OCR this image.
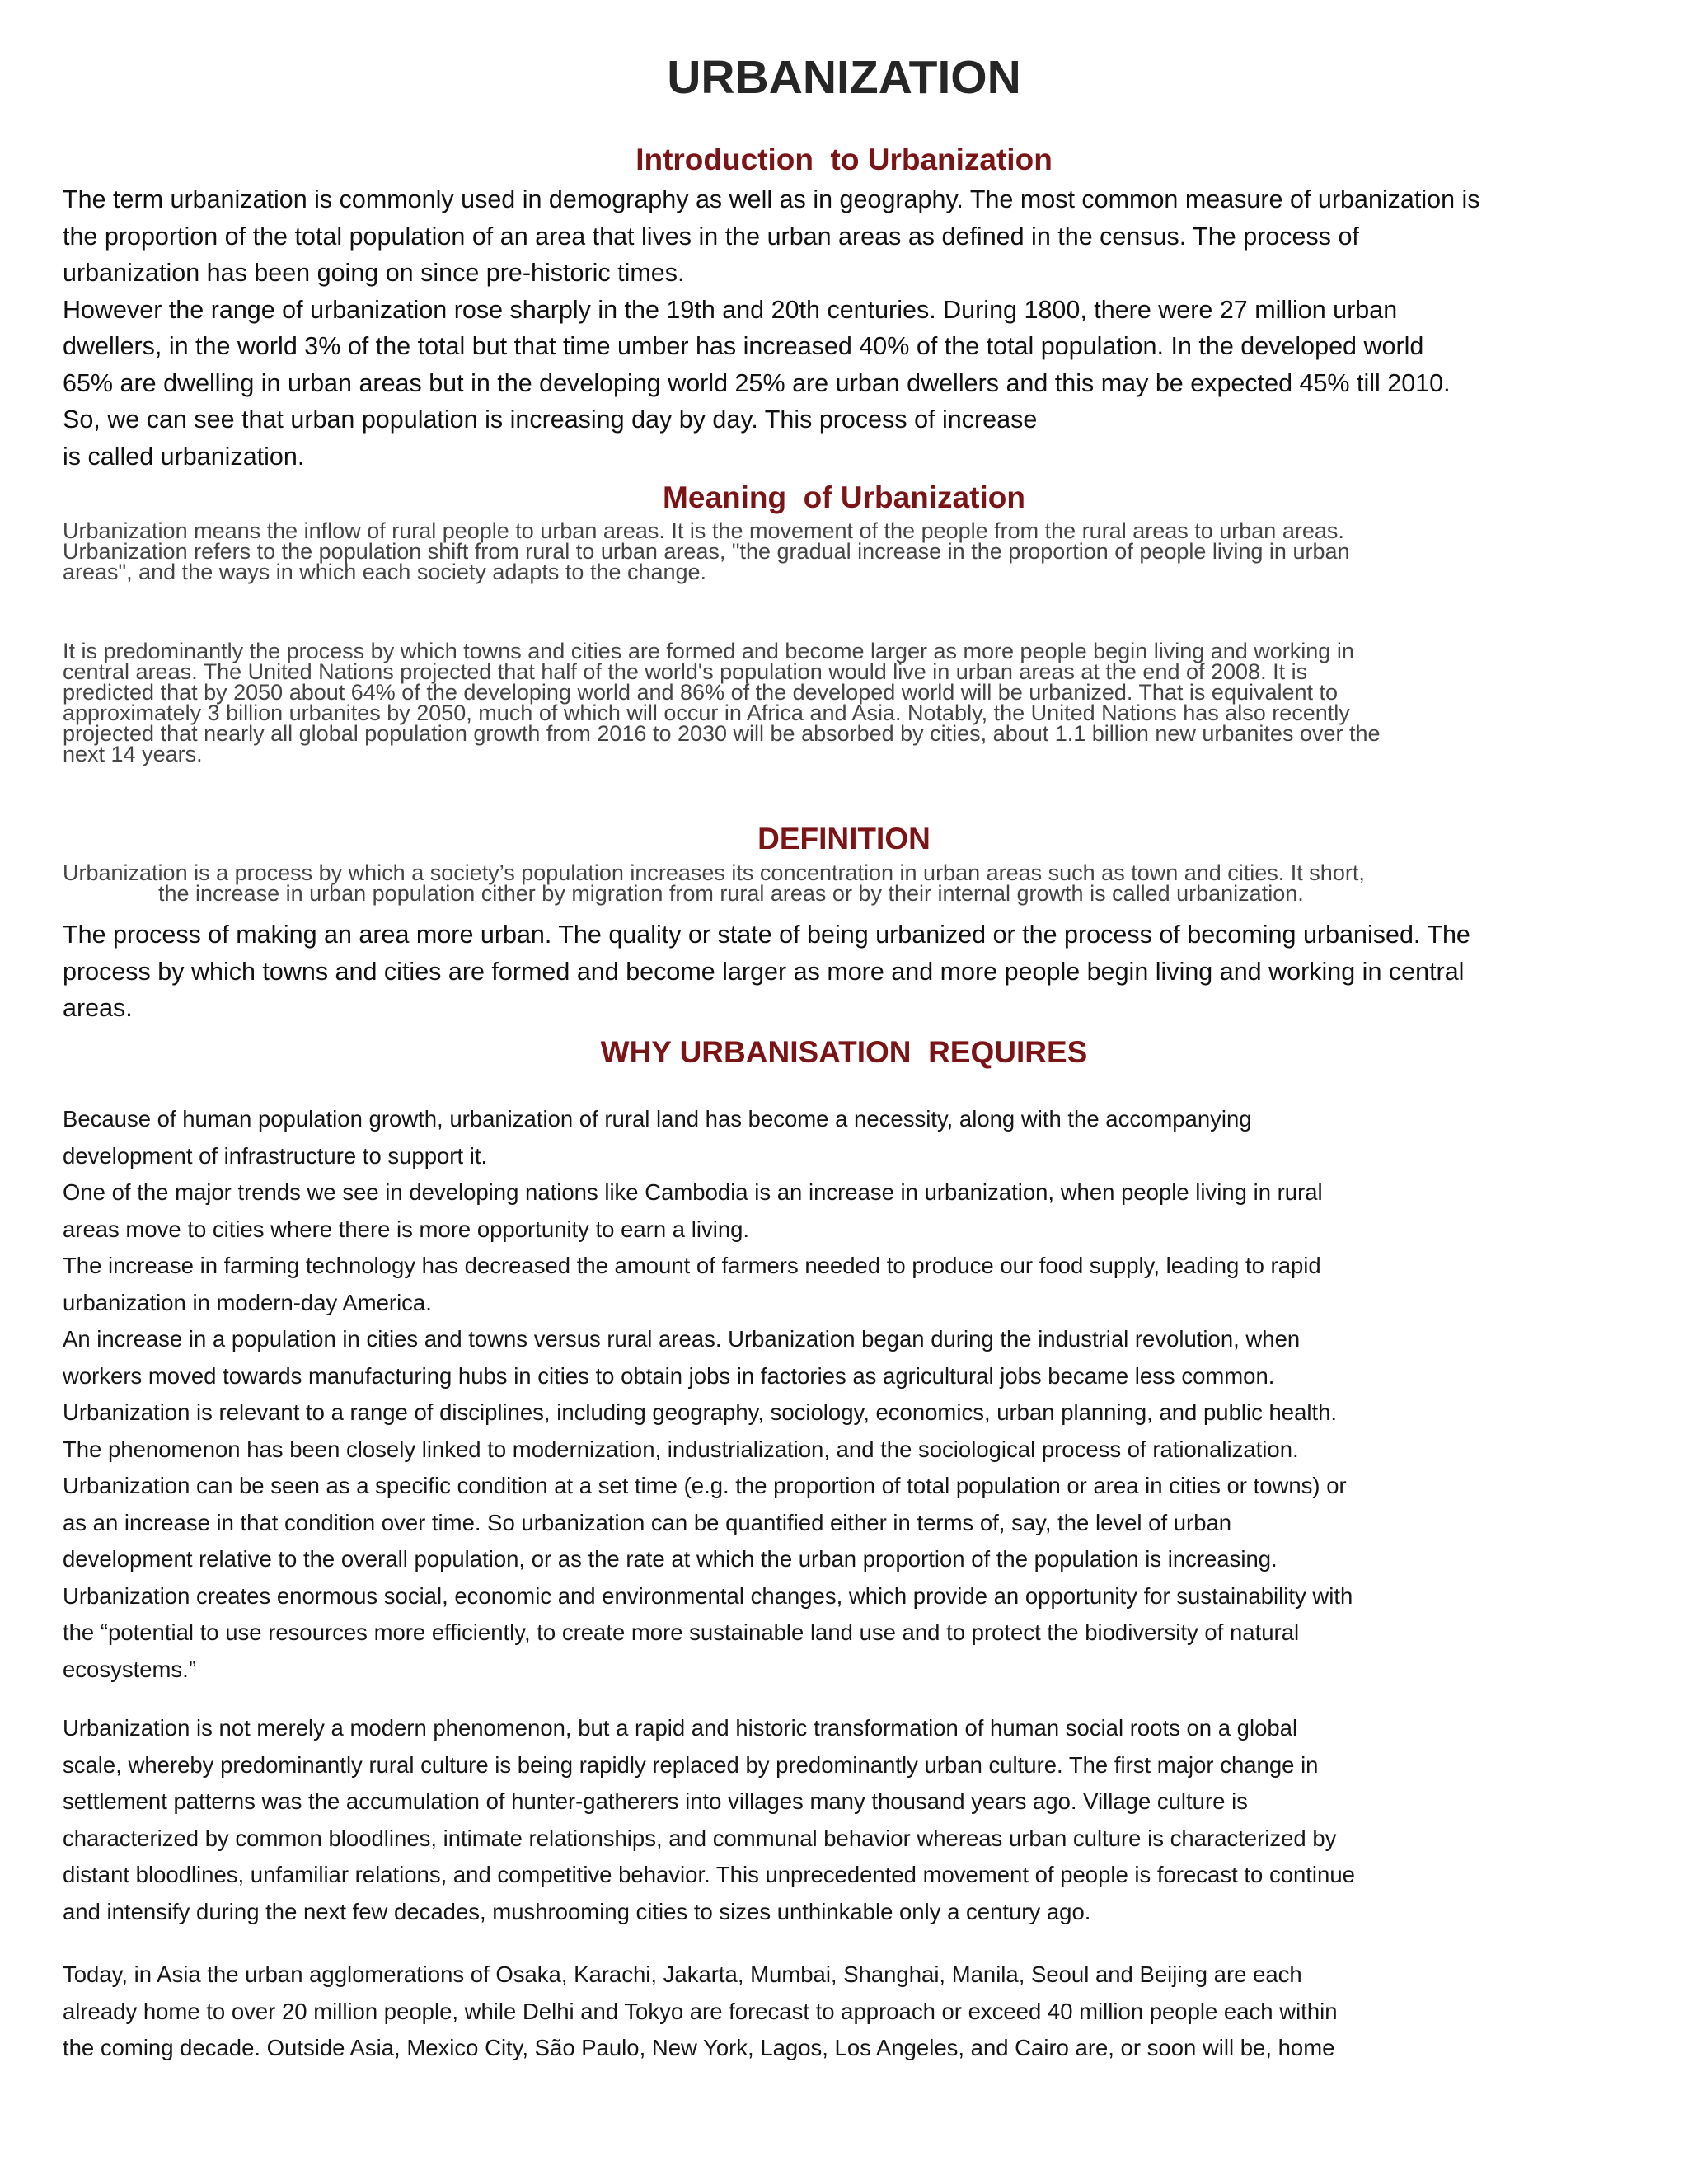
URBANIZATION
Introduction  to Urbanization
The term urbanization is commonly used in demography as well as in geography. The most common measure of urbanization is
the proportion of the total population of an area that lives in the urban areas as defined in the census. The process of
urbanization has been going on since pre-historic times.
However the range of urbanization rose sharply in the 19th and 20th centuries. During 1800, there were 27 million urban
dwellers, in the world 3% of the total but that time umber has increased 40% of the total population. In the developed world
65% are dwelling in urban areas but in the developing world 25% are urban dwellers and this may be expected 45% till 2010.
So, we can see that urban population is increasing day by day. This process of increase
is called urbanization.
Meaning  of Urbanization
Urbanization means the inflow of rural people to urban areas. It is the movement of the people from the rural areas to urban areas.
Urbanization refers to the population shift from rural to urban areas, "the gradual increase in the proportion of people living in urban
areas", and the ways in which each society adapts to the change.
It is predominantly the process by which towns and cities are formed and become larger as more people begin living and working in
central areas. The United Nations projected that half of the world's population would live in urban areas at the end of 2008. It is
predicted that by 2050 about 64% of the developing world and 86% of the developed world will be urbanized. That is equivalent to
approximately 3 billion urbanites by 2050, much of which will occur in Africa and Asia. Notably, the United Nations has also recently
projected that nearly all global population growth from 2016 to 2030 will be absorbed by cities, about 1.1 billion new urbanites over the
next 14 years.
DEFINITION
Urbanization is a process by which a society’s population increases its concentration in urban areas such as town and cities. It short,
the increase in urban population cither by migration from rural areas or by their internal growth is called urbanization.
The process of making an area more urban. The quality or state of being urbanized or the process of becoming urbanised. The
process by which towns and cities are formed and become larger as more and more people begin living and working in central
areas.
WHY URBANISATION  REQUIRES
Because of human population growth, urbanization of rural land has become a necessity, along with the accompanying
development of infrastructure to support it.
One of the major trends we see in developing nations like Cambodia is an increase in urbanization, when people living in rural
areas move to cities where there is more opportunity to earn a living.
The increase in farming technology has decreased the amount of farmers needed to produce our food supply, leading to rapid
urbanization in modern-day America.
An increase in a population in cities and towns versus rural areas. Urbanization began during the industrial revolution, when
workers moved towards manufacturing hubs in cities to obtain jobs in factories as agricultural jobs became less common.
Urbanization is relevant to a range of disciplines, including geography, sociology, economics, urban planning, and public health.
The phenomenon has been closely linked to modernization, industrialization, and the sociological process of rationalization.
Urbanization can be seen as a specific condition at a set time (e.g. the proportion of total population or area in cities or towns) or
as an increase in that condition over time. So urbanization can be quantified either in terms of, say, the level of urban
development relative to the overall population, or as the rate at which the urban proportion of the population is increasing.
Urbanization creates enormous social, economic and environmental changes, which provide an opportunity for sustainability with
the “potential to use resources more efficiently, to create more sustainable land use and to protect the biodiversity of natural
ecosystems.”
Urbanization is not merely a modern phenomenon, but a rapid and historic transformation of human social roots on a global
scale, whereby predominantly rural culture is being rapidly replaced by predominantly urban culture. The first major change in
settlement patterns was the accumulation of hunter-gatherers into villages many thousand years ago. Village culture is
characterized by common bloodlines, intimate relationships, and communal behavior whereas urban culture is characterized by
distant bloodlines, unfamiliar relations, and competitive behavior. This unprecedented movement of people is forecast to continue
and intensify during the next few decades, mushrooming cities to sizes unthinkable only a century ago.
Today, in Asia the urban agglomerations of Osaka, Karachi, Jakarta, Mumbai, Shanghai, Manila, Seoul and Beijing are each
already home to over 20 million people, while Delhi and Tokyo are forecast to approach or exceed 40 million people each within
the coming decade. Outside Asia, Mexico City, São Paulo, New York, Lagos, Los Angeles, and Cairo are, or soon will be, home
